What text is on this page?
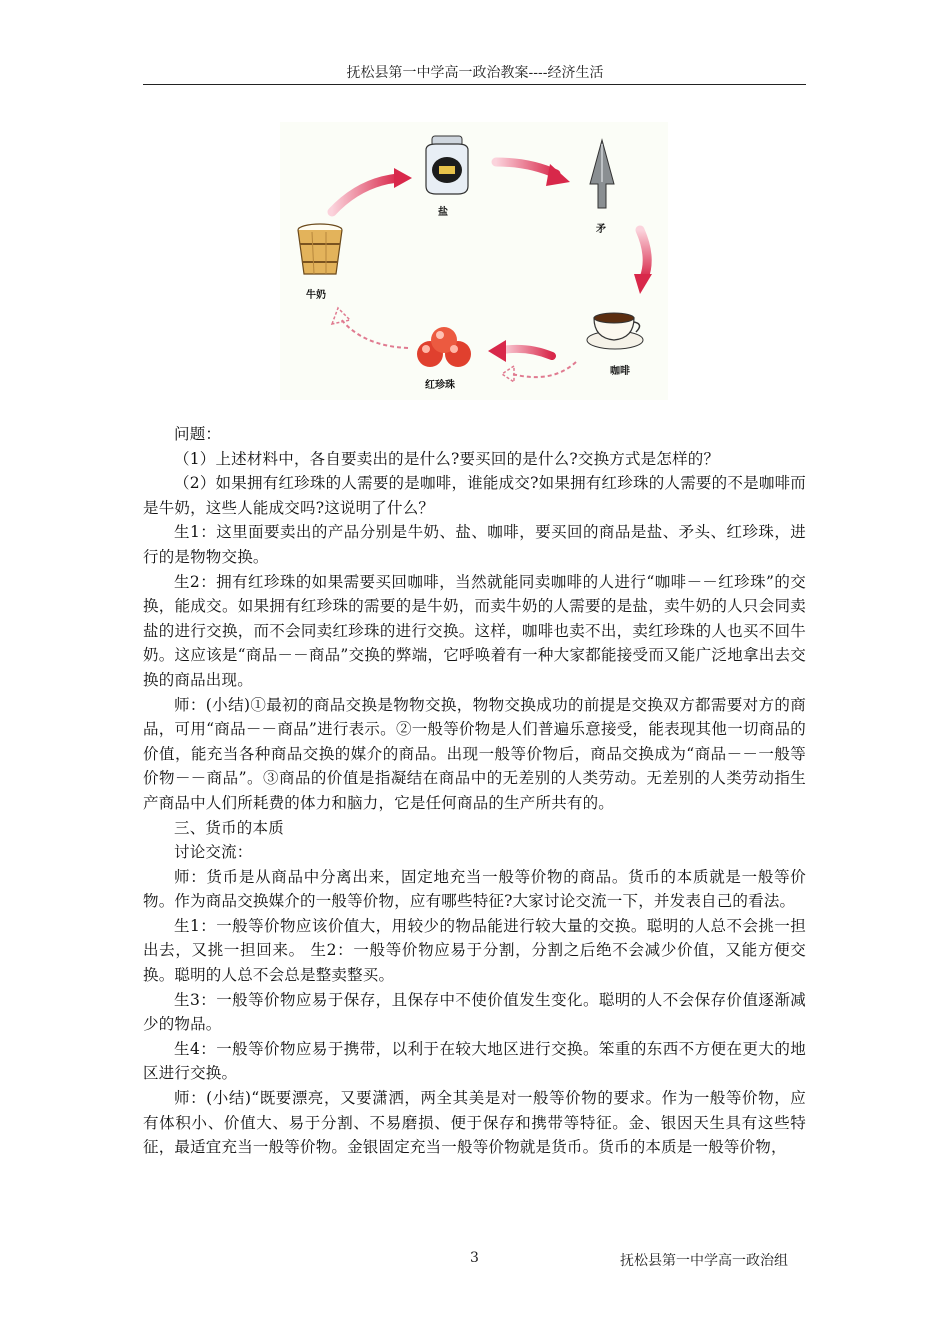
抚松县第一中学高一政治教案----经济生活
盐
矛
牛奶
红珍珠
咖啡

问题：

（1）上述材料中，各自要卖出的是什么?要买回的是什么?交换方式是怎样的？

（2）如果拥有红珍珠的人需要的是咖啡，谁能成交?如果拥有红珍珠的人需要的不是咖啡而是牛奶，这些人能成交吗?这说明了什么？

生1：这里面要卖出的产品分别是牛奶、盐、咖啡，要买回的商品是盐、矛头、红珍珠，进行的是物物交换。

生2：拥有红珍珠的如果需要买回咖啡，当然就能同卖咖啡的人进行“咖啡－－红珍珠”的交换，能成交。如果拥有红珍珠的需要的是牛奶，而卖牛奶的人需要的是盐，卖牛奶的人只会同卖盐的进行交换，而不会同卖红珍珠的进行交换。这样，咖啡也卖不出，卖红珍珠的人也买不回牛奶。这应该是“商品－－商品”交换的弊端，它呼唤着有一种大家都能接受而又能广泛地拿出去交换的商品出现。

师：(小结)①最初的商品交换是物物交换，物物交换成功的前提是交换双方都需要对方的商品，可用“商品－－商品”进行表示。②一般等价物是人们普遍乐意接受，能表现其他一切商品的价值，能充当各种商品交换的媒介的商品。出现一般等价物后，商品交换成为“商品－－一般等价物－－商品”。③商品的价值是指凝结在商品中的无差别的人类劳动。无差别的人类劳动指生产商品中人们所耗费的体力和脑力，它是任何商品的生产所共有的。

三、货币的本质

讨论交流：

师：货币是从商品中分离出来，固定地充当一般等价物的商品。货币的本质就是一般等价物。作为商品交换媒介的一般等价物，应有哪些特征?大家讨论交流一下，并发表自己的看法。

生1：一般等价物应该价值大，用较少的物品能进行较大量的交换。聪明的人总不会挑一担出去，又挑一担回来。 生2：一般等价物应易于分割，分割之后绝不会减少价值，又能方便交换。聪明的人总不会总是整卖整买。

生3：一般等价物应易于保存，且保存中不使价值发生变化。聪明的人不会保存价值逐渐减少的物品。

生4：一般等价物应易于携带，以利于在较大地区进行交换。笨重的东西不方便在更大的地区进行交换。

师：(小结)“既要漂亮，又要潇洒，两全其美是对一般等价物的要求。作为一般等价物，应有体积小、价值大、易于分割、不易磨损、便于保存和携带等特征。金、银因天生具有这些特征，最适宜充当一般等价物。金银固定充当一般等价物就是货币。货币的本质是一般等价物，

3	抚松县第一中学高一政治组
